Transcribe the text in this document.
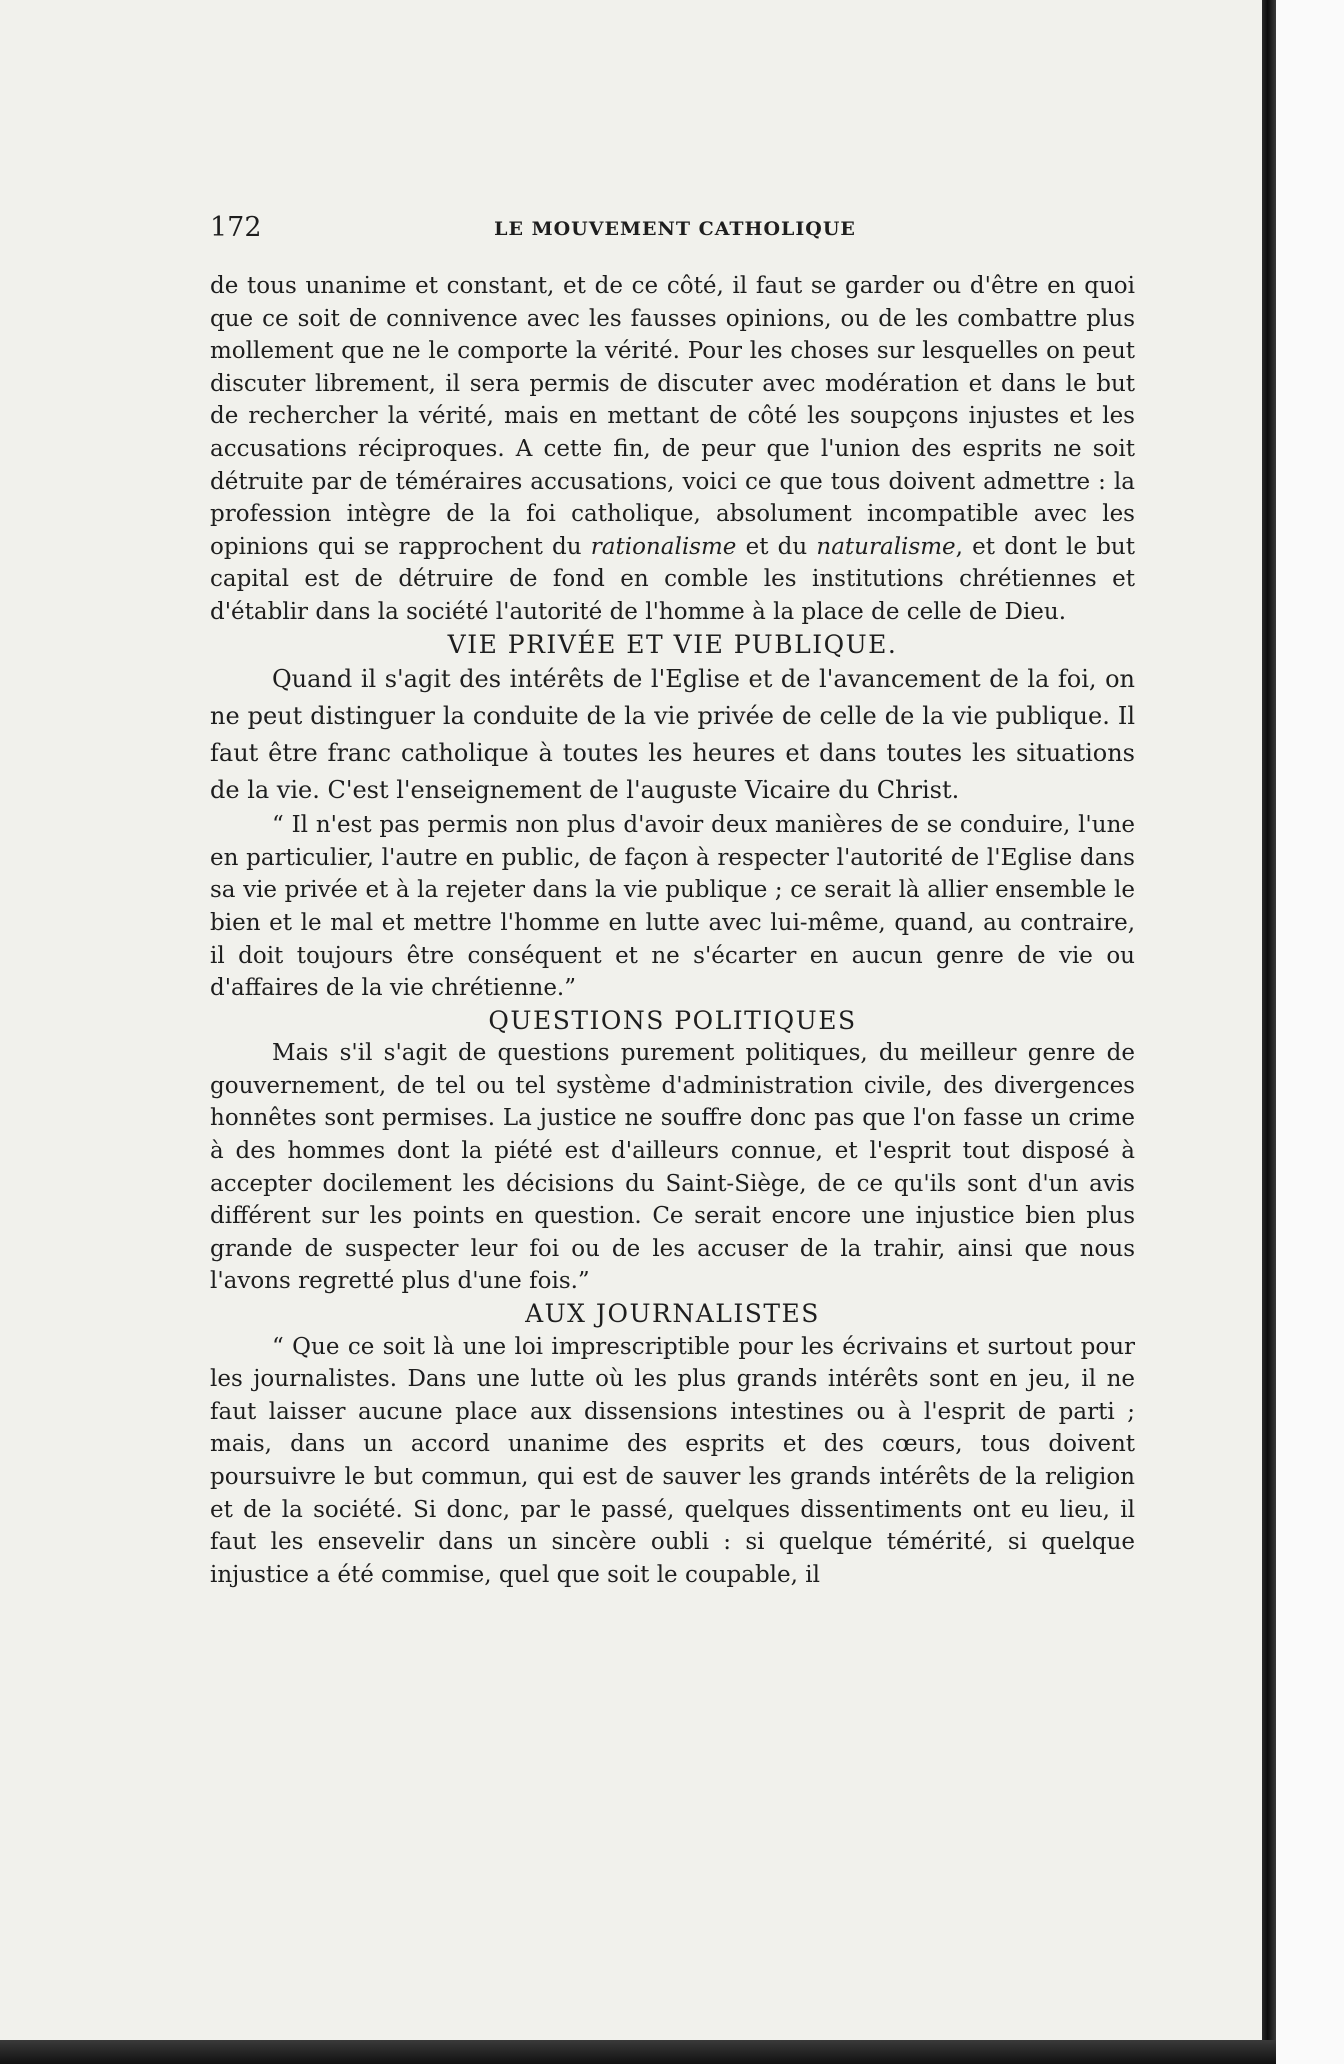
172	LE MOUVEMENT CATHOLIQUE

de tous unanime et constant, et de ce côté, il faut se garder ou d'être en quoi que ce soit de connivence avec les fausses opinions, ou de les combattre plus mollement que ne le comporte la vérité. Pour les choses sur lesquelles on peut discuter librement, il sera permis de discuter avec modération et dans le but de rechercher la vérité, mais en mettant de côté les soupçons injustes et les accusations réciproques. A cette fin, de peur que l'union des esprits ne soit détruite par de téméraires accusations, voici ce que tous doivent admettre : la profession intègre de la foi catholique, absolument incompatible avec les opinions qui se rapprochent du rationalisme et du naturalisme, et dont le but capital est de détruire de fond en comble les institutions chrétiennes et d'établir dans la société l'autorité de l'homme à la place de celle de Dieu.

VIE PRIVÉE ET VIE PUBLIQUE.

Quand il s'agit des intérêts de l'Eglise et de l'avancement de la foi, on ne peut distinguer la conduite de la vie privée de celle de la vie publique. Il faut être franc catholique à toutes les heures et dans toutes les situations de la vie. C'est l'enseignement de l'auguste Vicaire du Christ.

“ Il n'est pas permis non plus d'avoir deux manières de se conduire, l'une en particulier, l'autre en public, de façon à respecter l'autorité de l'Eglise dans sa vie privée et à la rejeter dans la vie publique ; ce serait là allier ensemble le bien et le mal et mettre l'homme en lutte avec lui-même, quand, au contraire, il doit toujours être conséquent et ne s'écarter en aucun genre de vie ou d'affaires de la vie chrétienne.”

QUESTIONS POLITIQUES

Mais s'il s'agit de questions purement politiques, du meilleur genre de gouvernement, de tel ou tel système d'administration civile, des divergences honnêtes sont permises. La justice ne souffre donc pas que l'on fasse un crime à des hommes dont la piété est d'ailleurs connue, et l'esprit tout disposé à accepter docilement les décisions du Saint-Siège, de ce qu'ils sont d'un avis différent sur les points en question. Ce serait encore une injustice bien plus grande de suspecter leur foi ou de les accuser de la trahir, ainsi que nous l'avons regretté plus d'une fois.”

AUX JOURNALISTES

“ Que ce soit là une loi imprescriptible pour les écrivains et surtout pour les journalistes. Dans une lutte où les plus grands intérêts sont en jeu, il ne faut laisser aucune place aux dissensions intestines ou à l'esprit de parti ; mais, dans un accord unanime des esprits et des cœurs, tous doivent poursuivre le but commun, qui est de sauver les grands intérêts de la religion et de la société. Si donc, par le passé, quelques dissentiments ont eu lieu, il faut les ensevelir dans un sincère oubli : si quelque témérité, si quelque injustice a été commise, quel que soit le coupable, il
